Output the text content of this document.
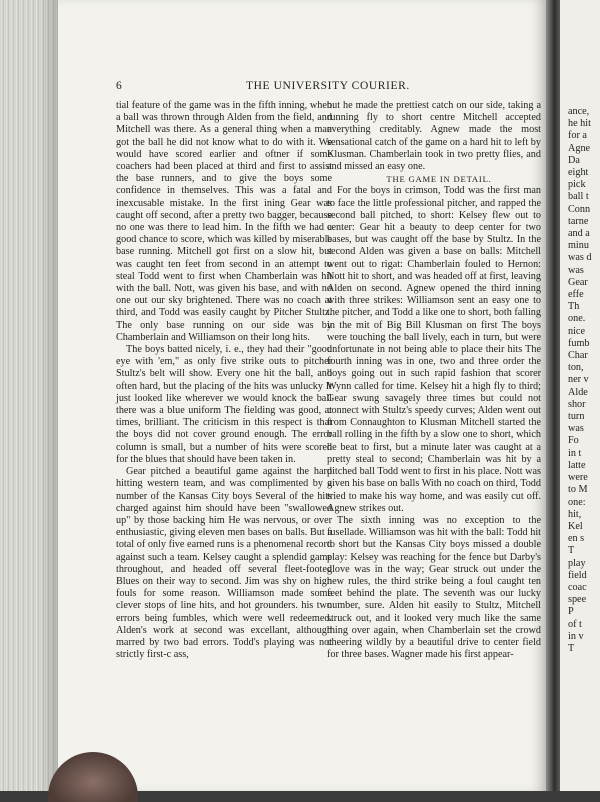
6	THE UNIVERSITY COURIER.

tial feature of the game was in the fifth inning, when a ball was thrown through Alden from the field, and Mitchell was there. As a general thing when a man got the ball he did not know what to do with it. We would have scored earlier and oftner if some coachers had been placed at third and first to assist the base runners, and to give the boys some confidence in themselves. This was a fatal and inexcusable mistake. In the first ining Gear was caught off second, after a pretty two bagger, because no one was there to lead him. In the fifth we had a good chance to score, which was killed by miserable base running. Mitchell got first on a slow hit, but was caught ten feet from second in an attempt to steal Todd went to first when Chamberlain was hit with the ball. Nott, was given his base, and with no one out our sky brightened. There was no coach at third, and Todd was easily caught by Pitcher Stultz. The only base running on our side was by Chamberlain and Williamson on their long hits.

The boys batted nicely, i. e., they had their "good eye with 'em," as only five strike outs to pitcher Stultz's belt will show. Every one hit the ball, and often hard, but the placing of the hits was unlucky It just looked like wherever we would knock the ball there was a blue uniform The fielding was good, at times, brilliant. The criticism in this respect is that the boys did not cover ground enough. The error column is small, but a number of hits were scored for the blues that should have been taken in.

Gear pitched a beautiful game against the hard hitting western team, and was complimented by a number of the Kansas City boys Several of the hits charged against him should have been "swallowed up" by those backing him He was nervous, or over enthusiastic, giving eleven men bases on balls. But a total of only five earned runs is a phenomenal record against such a team. Kelsey caught a splendid game throughout, and headed off several fleet-footed Blues on their way to second. Jim was shy on high fouls for some reason. Williamson made some clever stops of line hits, and hot grounders. his two errors being fumbles, which were well redeemed. Alden's work at second was excellant, although marred by two bad errors. Todd's playing was not strictly first-c ass,

but he made the prettiest catch on our side, taking a running fly to short centre Mitchell accepted everything creditably. Agnew made the most sensational catch of the game on a hard hit to left by Klusman. Chamberlain took in two pretty flies, and and missed an easy one.

THE GAME IN DETAIL.

For the boys in crimson, Todd was the first man to face the little professional pitcher, and rapped the second ball pitched, to short: Kelsey flew out to center: Gear hit a beauty to deep center for two bases, but was caught off the base by Stultz. In the second Alden was given a base on balls: Mitchell went out to rigat: Chamberlain fouled to Hernon: Nott hit to short, and was headed off at first, leaving Alden on second. Agnew opened the third inning with three strikes: Williamson sent an easy one to the pitcher, and Todd a like one to short, both falling in the mit of Big Bill Klusman on first The boys were touching the ball lively, each in turn, but were unfortunate in not being able to place their hits The fourth inning was in one, two and three order the boys going out in such rapid fashion that scorer Wynn called for time. Kelsey hit a high fly to third; Gear swung savagely three times but could not connect with Stultz's speedy curves; Alden went out from Connaughton to Klusman Mitchell started the ball rolling in the fifth by a slow one to short, which he beat to first, but a minute later was caught at a pretty steal to second; Chamberlain was hit by a pitched ball Todd went to first in his place. Nott was given his base on balls With no coach on third, Todd tried to make his way home, and was easily cut off. Agnew strikes out.

The sixth inning was no exception to the fusellade. Williamson was hit with the ball: Todd hit to short but the Kansas City boys missed a double play: Kelsey was reaching for the fence but Darby's glove was in the way; Gear struck out under the new rules, the third strike being a foul caught ten feet behind the plate. The seventh was our lucky number, sure. Alden hit easily to Stultz, Mitchell struck out, and it looked very much like the same thing over again, when Chamberlain set the crowd cheering wildly by a beautiful drive to center field for three bases. Wagner made his first appear-

ance,
he hit
for a
Agne
Da
eight
pick
ball t
Conn
tarne
and a
minu
was d
was
Gear
effe
Th
one.
nice
fumb
Char
ton,
ner v
Alde
shor
turn
was
Fo
in t
latte
were
to M
one:
hit,
Kel
en s
T
play
field
coac
spee
P
of t
in v
T
